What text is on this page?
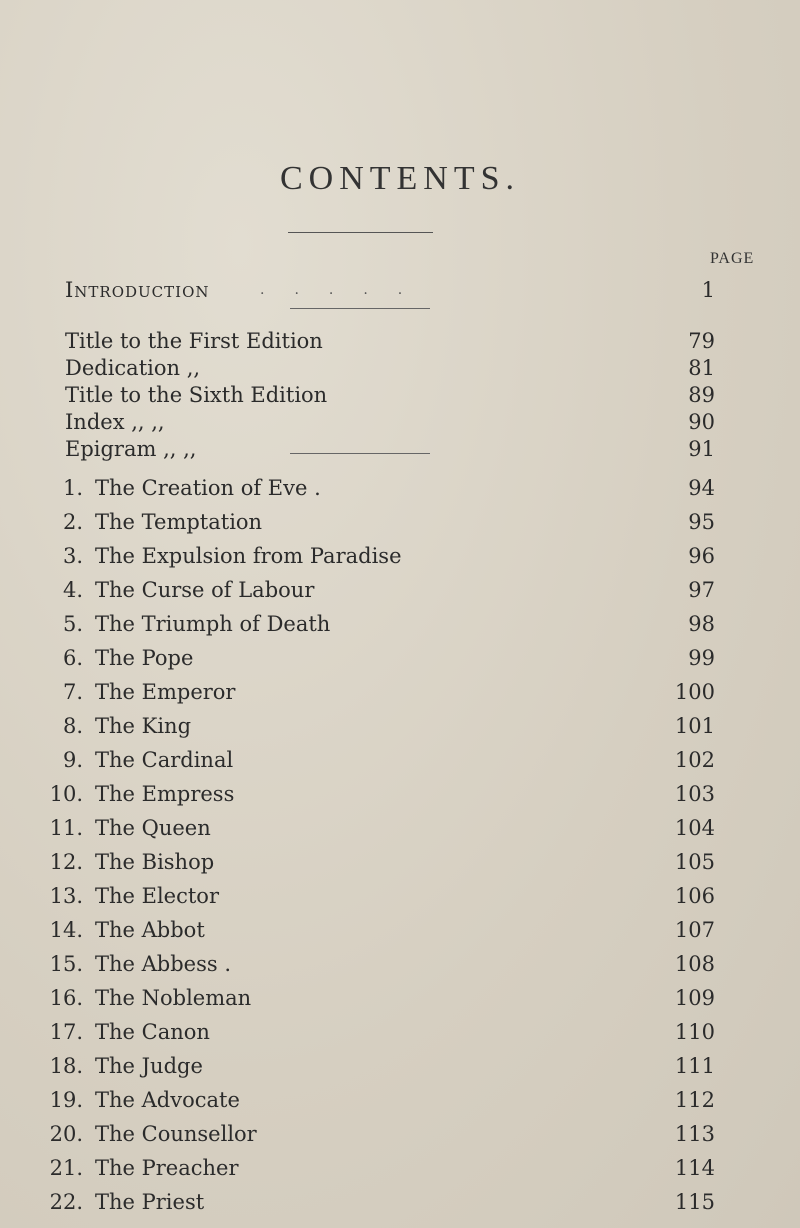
CONTENTS.
PAGE
Introduction	.....	1
Title to the First Edition	79
Dedication ,,	81
Title to the Sixth Edition	89
Index ,, ,,	90
Epigram ,, ,,	91
1. The Creation of Eve .	94
2. The Temptation	95
3. The Expulsion from Paradise	96
4. The Curse of Labour	97
5. The Triumph of Death	98
6. The Pope	99
7. The Emperor	100
8. The King	101
9. The Cardinal	102
10. The Empress	103
11. The Queen	104
12. The Bishop	105
13. The Elector	106
14. The Abbot	107
15. The Abbess .	108
16. The Nobleman	109
17. The Canon	110
18. The Judge	111
19. The Advocate	112
20. The Counsellor	113
21. The Preacher	114
22. The Priest	115
